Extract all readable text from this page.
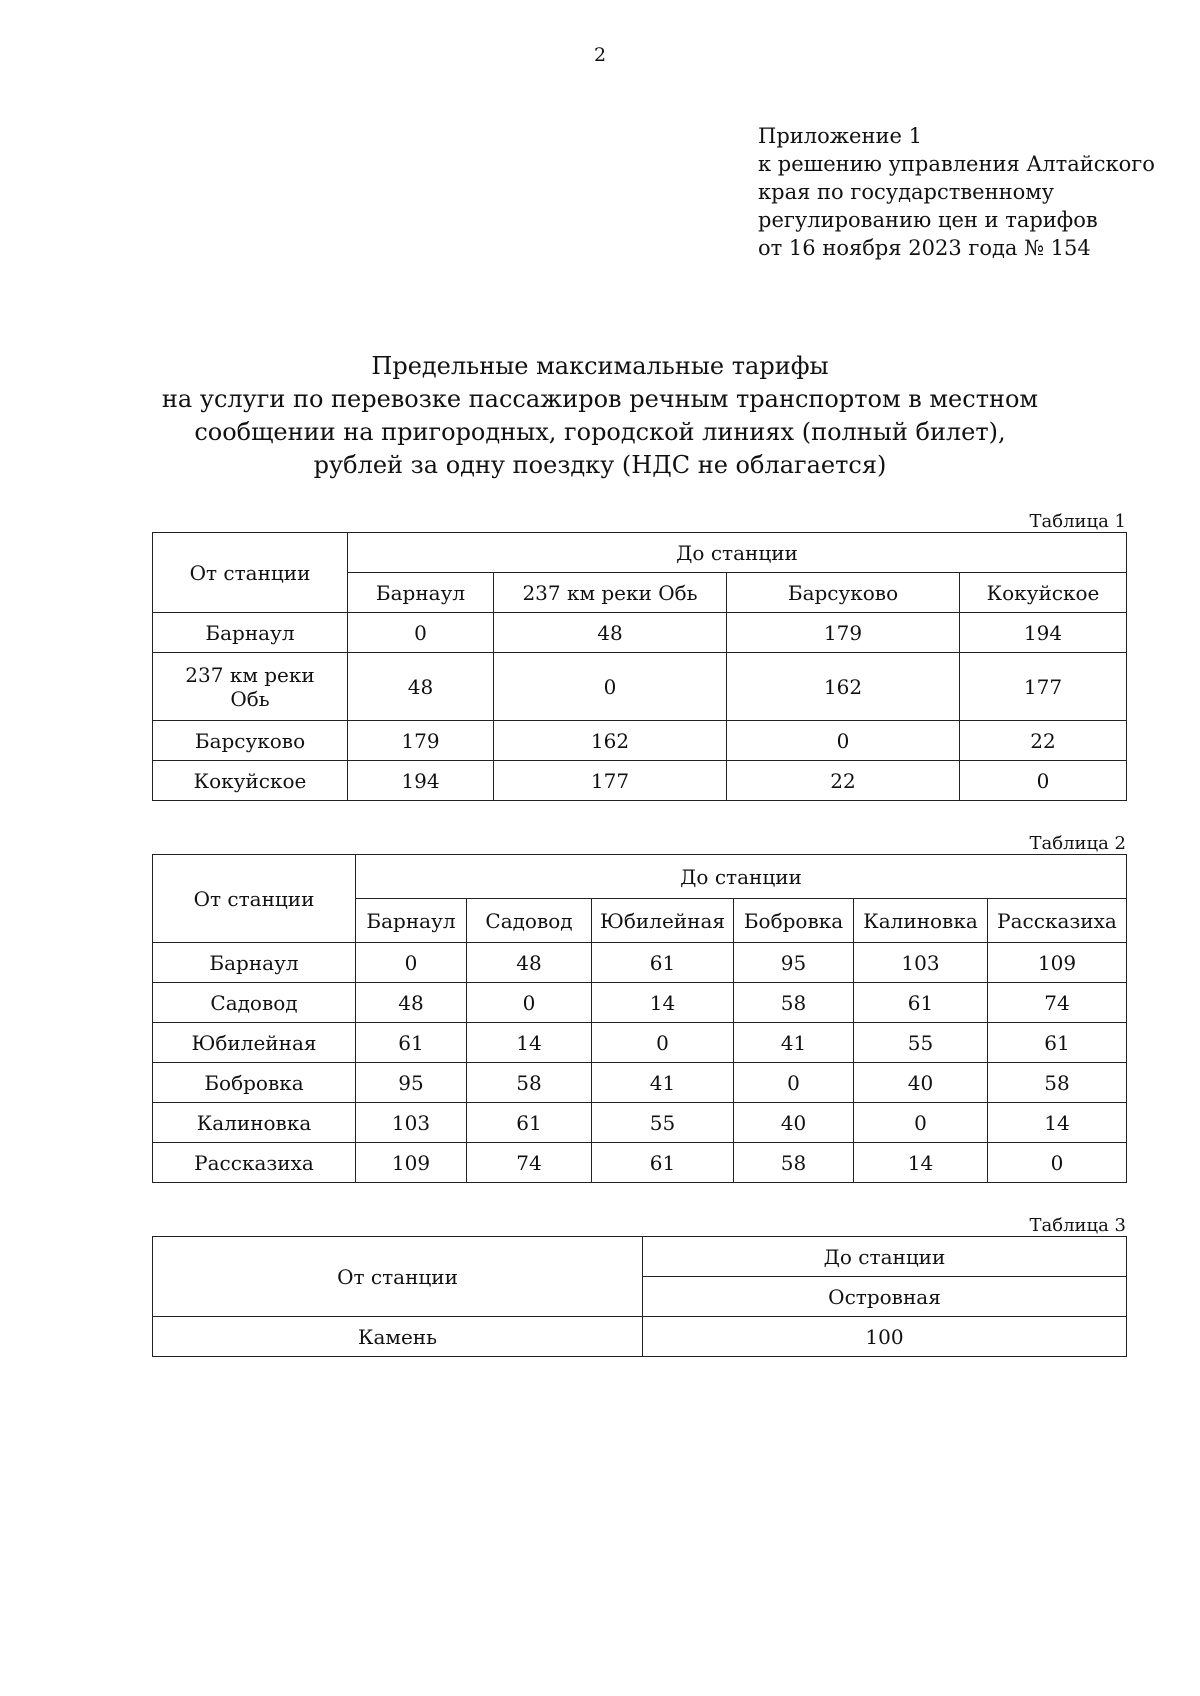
2
Приложение 1
к решению управления Алтайского
края по государственному
регулированию цен и тарифов
от 16 ноября 2023 года № 154
Предельные максимальные тарифы
на услуги по перевозке пассажиров речным транспортом в местном
сообщении на пригородных, городской линиях (полный билет),
рублей за одну поездку (НДС не облагается)
Таблица 1
От станции	До станции			
	Барнаул	237 км реки Обь	Барсуково	Кокуйское
Барнаул	0	48	179	194
237 км реки Обь	48	0	162	177
Барсуково	179	162	0	22
Кокуйское	194	177	22	0
Таблица 2
От станции	До станции					
	Барнаул	Садовод	Юбилейная	Бобровка	Калиновка	Рассказиха
Барнаул	0	48	61	95	103	109
Садовод	48	0	14	58	61	74
Юбилейная	61	14	0	41	55	61
Бобровка	95	58	41	0	40	58
Калиновка	103	61	55	40	0	14
Рассказиха	109	74	61	58	14	0
Таблица 3
От станции	До станции
	Островная
Камень	100
